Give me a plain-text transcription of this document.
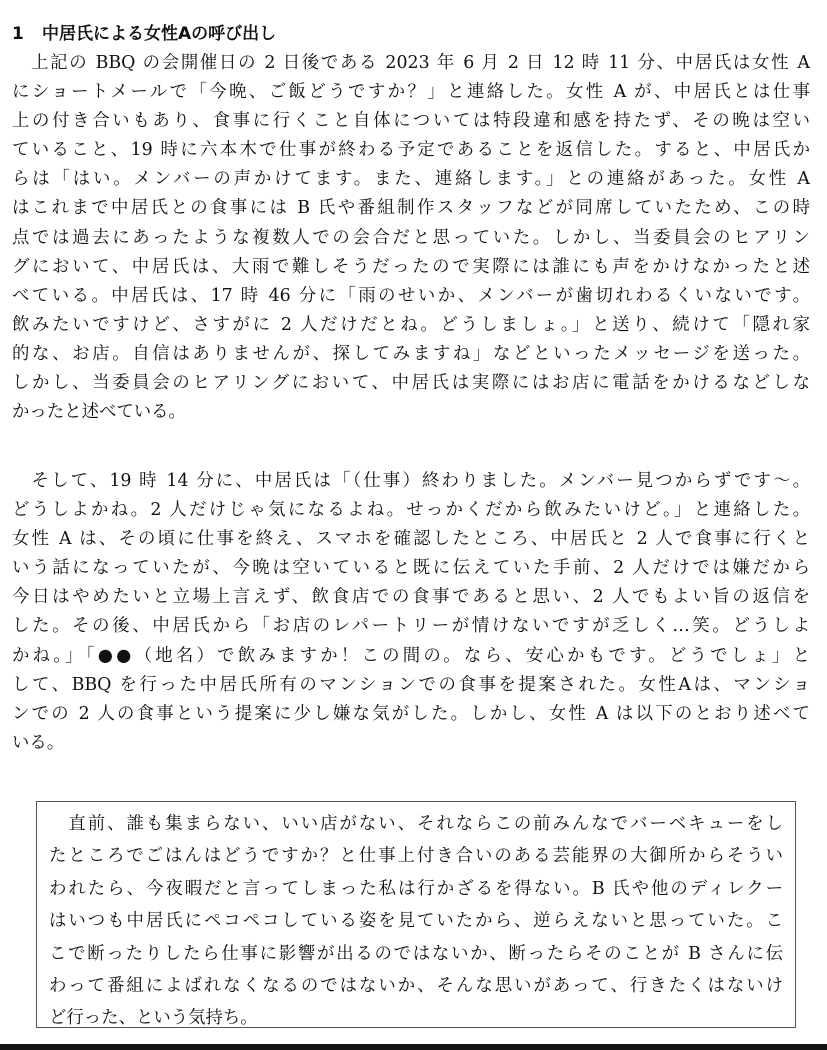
1 中居氏による女性Aの呼び出し
　上記の BBQ の会開催日の 2 日後である 2023 年 6 月 2 日 12 時 11 分、中居氏は女性 A
にショートメールで「今晩、ご飯どうですか？」と連絡した。女性 A が、中居氏とは仕事
上の付き合いもあり、食事に行くこと自体については特段違和感を持たず、その晩は空い
ていること、19 時に六本木で仕事が終わる予定であることを返信した。すると、中居氏か
らは「はい。メンバーの声かけてます。また、連絡します。」との連絡があった。女性 A
はこれまで中居氏との食事には B 氏や番組制作スタッフなどが同席していたため、この時
点では過去にあったような複数人での会合だと思っていた。しかし、当委員会のヒアリン
グにおいて、中居氏は、大雨で難しそうだったので実際には誰にも声をかけなかったと述
べている。中居氏は、17 時 46 分に「雨のせいか、メンバーが歯切れわるくいないです。
飲みたいですけど、さすがに 2 人だけだとね。どうしましょ。」と送り、続けて「隠れ家
的な、お店。自信はありませんが、探してみますね」などといったメッセージを送った。
しかし、当委員会のヒアリングにおいて、中居氏は実際にはお店に電話をかけるなどしな
かったと述べている。
　そして、19 時 14 分に、中居氏は「（仕事）終わりました。メンバー見つからずです～。
どうしよかね。2 人だけじゃ気になるよね。せっかくだから飲みたいけど。」と連絡した。
女性 A は、その頃に仕事を終え、スマホを確認したところ、中居氏と 2 人で食事に行くと
いう話になっていたが、今晩は空いていると既に伝えていた手前、2 人だけでは嫌だから
今日はやめたいと立場上言えず、飲食店での食事であると思い、2 人でもよい旨の返信を
した。その後、中居氏から「お店のレパートリーが情けないですが乏しく…笑。どうしよ
かね。」「●●（地名）で飲みますか！この間の。なら、安心かもです。どうでしょ」と
して、BBQ を行った中居氏所有のマンションでの食事を提案された。女性Aは、マンショ
ンでの 2 人の食事という提案に少し嫌な気がした。しかし、女性 A は以下のとおり述べて
いる。
　直前、誰も集まらない、いい店がない、それならこの前みんなでバーベキューをし
たところでごはんはどうですか？と仕事上付き合いのある芸能界の大御所からそうい
われたら、今夜暇だと言ってしまった私は行かざるを得ない。B 氏や他のディレクー
はいつも中居氏にペコペコしている姿を見ていたから、逆らえないと思っていた。こ
こで断ったりしたら仕事に影響が出るのではないか、断ったらそのことが B さんに伝
わって番組によばれなくなるのではないか、そんな思いがあって、行きたくはないけ
ど行った、という気持ち。
